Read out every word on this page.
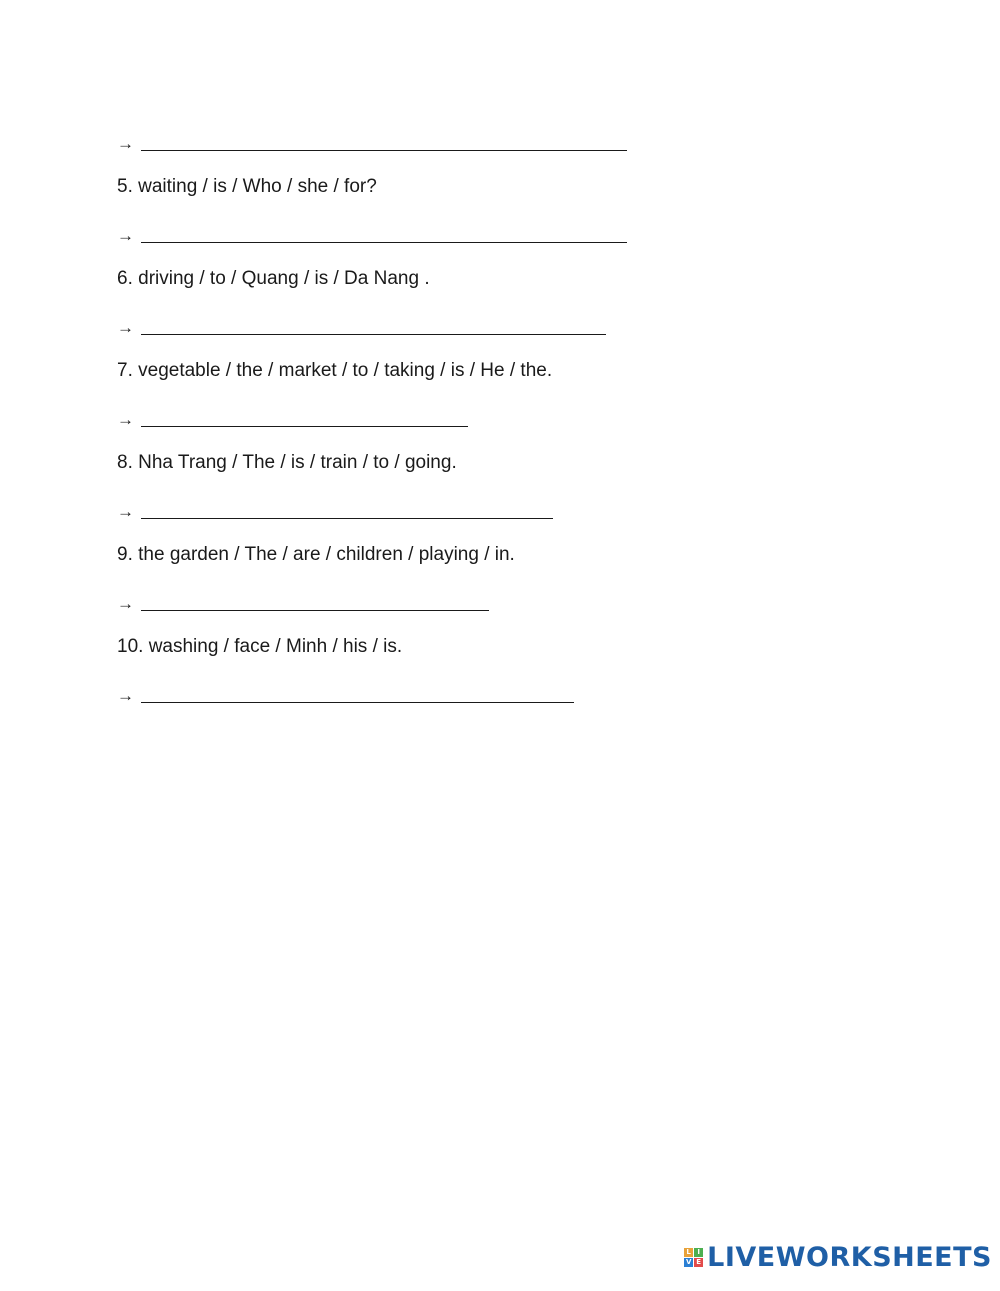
→
5. waiting / is / Who / she / for?
→
6. driving / to / Quang / is / Da Nang .
→
7. vegetable / the / market / to / taking / is / He / the.
→
8. Nha Trang / The / is / train / to / going.
→
9. the garden / The / are / children / playing / in.
→
10. washing / face / Minh / his / is.
→
L I
V E LIVEWORKSHEETS
